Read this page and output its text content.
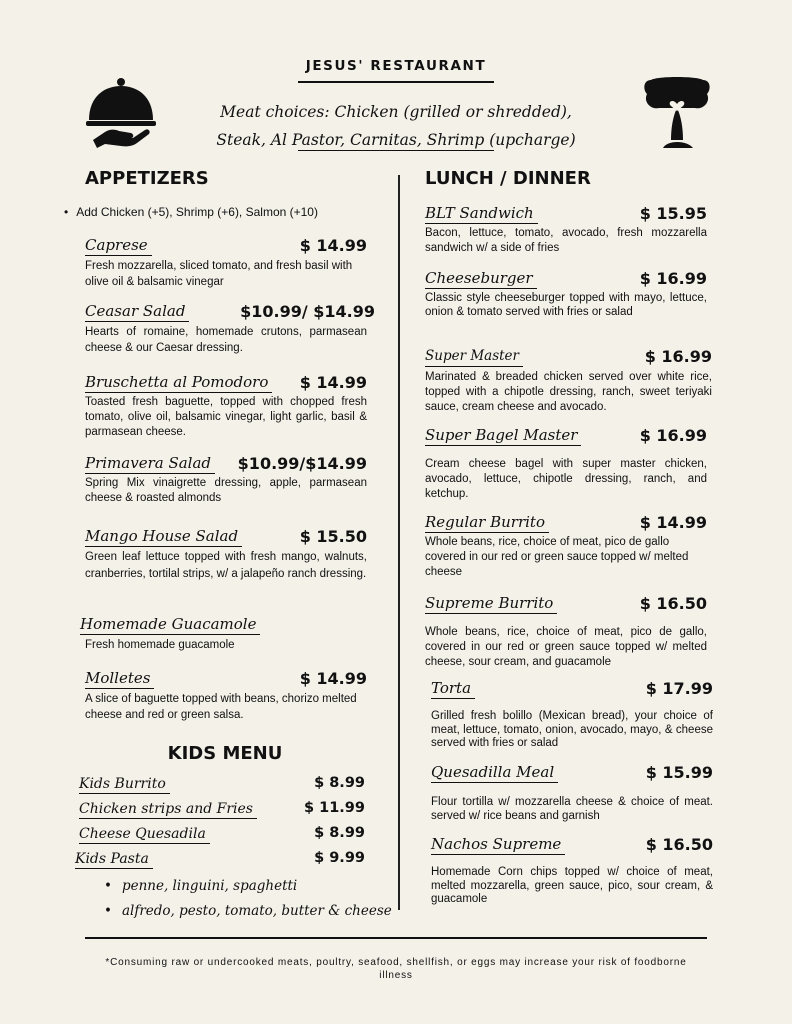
JESUS' RESTAURANT
Meat choices: Chicken (grilled or shredded), Steak, Al Pastor, Carnitas, Shrimp (upcharge)
APPETIZERS
• Add Chicken (+5), Shrimp (+6), Salmon (+10)
Caprese	$ 14.99
Fresh mozzarella, sliced tomato, and fresh basil with olive oil & balsamic vinegar
Ceasar Salad	$10.99/ $14.99
Hearts of romaine, homemade crutons, parmasean cheese & our Caesar dressing.
Bruschetta al Pomodoro $ 14.99
Toasted fresh baguette, topped with chopped fresh tomato, olive oil, balsamic vinegar, light garlic, basil & parmasean cheese.
Primavera Salad $10.99/$14.99
Spring Mix vinaigrette dressing, apple, parmasean cheese & roasted almonds
Mango House Salad	$ 15.50
Green leaf lettuce topped with fresh mango, walnuts, cranberries, tortilal strips, w/ a jalapeño ranch dressing.
Homemade Guacamole
Fresh homemade guacamole
Molletes	$ 14.99
A slice of baguette topped with beans, chorizo melted cheese and red or green salsa.
KIDS MENU
Kids Burrito	$ 8.99
Chicken strips and Fries	$ 11.99
Cheese Quesadila	$ 8.99
Kids Pasta	$ 9.99
• penne, linguini, spaghetti
• alfredo, pesto, tomato, butter & cheese
LUNCH / DINNER
BLT Sandwich	$ 15.95
Bacon, lettuce, tomato, avocado, fresh mozzarella sandwich w/ a side of fries
Cheeseburger	$ 16.99
Classic style cheeseburger topped with mayo, lettuce, onion & tomato served with fries or salad
Super Master	$ 16.99
Marinated & breaded chicken served over white rice, topped with a chipotle dressing, ranch, sweet teriyaki sauce, cream cheese and avocado.
Super Bagel Master	$ 16.99
Cream cheese bagel with super master chicken, avocado, lettuce, chipotle dressing, ranch, and ketchup.
Regular Burrito	$ 14.99
Whole beans, rice, choice of meat, pico de gallo covered in our red or green sauce topped w/ melted cheese
Supreme Burrito	$ 16.50
Whole beans, rice, choice of meat, pico de gallo, covered in our red or green sauce topped w/ melted cheese, sour cream, and guacamole
Torta	$ 17.99
Grilled fresh bolillo (Mexican bread), your choice of meat, lettuce, tomato, onion, avocado, mayo, & cheese served with fries or salad
Quesadilla Meal	$ 15.99
Flour tortilla w/ mozzarella cheese & choice of meat. served w/ rice beans and garnish
Nachos Supreme	$ 16.50
Homemade Corn chips topped w/ choice of meat, melted mozzarella, green sauce, pico, sour cream, & guacamole
*Consuming raw or undercooked meats, poultry, seafood, shellfish, or eggs may increase your risk of foodborne illness
